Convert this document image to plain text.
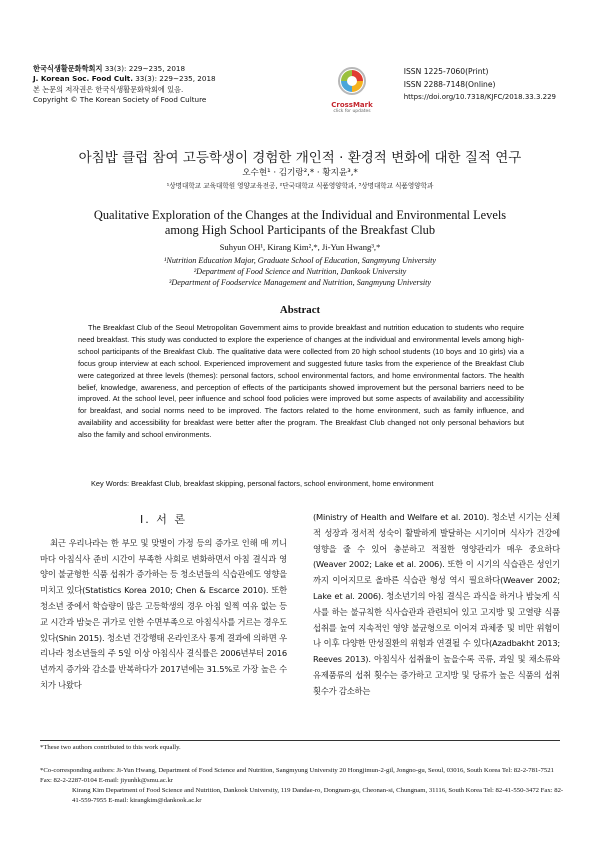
한국식생활문화학회지 33(3): 229~235, 2018
J. Korean Soc. Food Cult. 33(3): 229~235, 2018
본 논문의 저작권은 한국식생활문화학회에 있음.
Copyright © The Korean Society of Food Culture
CrossMark
click for updates
ISSN 1225-7060(Print)
ISSN 2288-7148(Online)
https://doi.org/10.7318/KJFC/2018.33.3.229
아침밥 클럽 참여 고등학생이 경험한 개인적 · 환경적 변화에 대한 질적 연구
오수현¹ · 김기랑²,* · 황지윤³,*
¹상명대학교 교육대학원 영양교육전공, ²단국대학교 식품영양학과, ³상명대학교 식품영양학과
Qualitative Exploration of the Changes at the Individual and Environmental Levels
among High School Participants of the Breakfast Club
Suhyun OH¹, Kirang Kim²,*, Ji-Yun Hwang³,*
¹Nutrition Education Major, Graduate School of Education, Sangmyung University
²Department of Food Science and Nutrition, Dankook University
³Department of Foodservice Management and Nutrition, Sangmyung University
Abstract
The Breakfast Club of the Seoul Metropolitan Government aims to provide breakfast and nutrition education to students who require need breakfast. This study was conducted to explore the experience of changes at the individual and environmental levels among high-school participants of the Breakfast Club. The qualitative data were collected from 20 high school students (10 boys and 10 girls) via a focus group interview at each school. Experienced improvement and suggested future tasks from the experience of the Breakfast Club were categorized at three levels (themes): personal factors, school environmental factors, and home environmental factors. The health belief, knowledge, awareness, and perception of effects of the participants showed improvement but the personal barriers need to be improved. At the school level, peer influence and school food policies were improved but some aspects of availability and accessibility for breakfast, and social norms need to be improved. The factors related to the home environment, such as family influence, and availability and accessibility for breakfast were better after the program. The Breakfast Club changed not only personal behaviors but also the family and school environments.
Key Words: Breakfast Club, breakfast skipping, personal factors, school environment, home environment
Ⅰ. 서 론

최근 우리나라는 한 부모 및 맞벌이 가정 등의 증가로 인해 매 끼니마다 아침식사 준비 시간이 부족한 사회로 변화하면서 아침 결식과 영양이 불균형한 식품 섭취가 증가하는 등 청소년들의 식습관에도 영향을 미치고 있다(Statistics Korea 2010; Chen & Escarce 2010). 또한 청소년 중에서 학습량이 많은 고등학생의 경우 아침 일찍 여유 없는 등교 시간과 밤늦은 귀가로 인한 수면부족으로 아침식사를 거르는 경우도 있다(Shin 2015). 청소년 건강행태 온라인조사 통계 결과에 의하면 우리나라 청소년들의 주 5일 이상 아침식사 결식률은 2006년부터 2016년까지 증가와 감소를 반복하다가 2017년에는 31.5%로 가장 높은 수치가 나왔다

(Ministry of Health and Welfare et al. 2010). 청소년 시기는 신체적 성장과 정서적 성숙이 활발하게 발달하는 시기이며 식사가 건강에 영향을 줄 수 있어 충분하고 적절한 영양관리가 매우 중요하다(Weaver 2002; Lake et al. 2006). 또한 이 시기의 식습관은 성인기까지 이어지므로 올바른 식습관 형성 역시 필요하다(Weaver 2002; Lake et al. 2006). 청소년기의 아침 결식은 과식을 하거나 밤늦게 식사를 하는 불규칙한 식사습관과 관련되어 있고 고지방 및 고열량 식품 섭취를 높여 지속적인 영양 불균형으로 이어져 과체중 및 비만 위험이나 이후 다양한 만성질환의 위험과 연결될 수 있다(Azadbakht 2013; Reeves 2013). 아침식사 섭취율이 높을수록 곡류, 과일 및 채소류와 유제품류의 섭취 횟수는 증가하고 고지방 및 당류가 높은 식품의 섭취 횟수가 감소하는

*These two authors contributed to this work equally.
*Co-corresponding authors: Ji-Yun Hwang, Department of Food Science and Nutrition, Sangmyung University 20 Hongjimun-2-gil, Jongno-gu, Seoul, 03016, South Korea Tel: 82-2-781-7521 Fax: 82-2-2287-0104 E-mail: jiyunhk@smu.ac.kr
Kirang Kim Department of Food Science and Nutrition, Dankook University, 119 Dandae-ro, Dongnam-gu, Cheonan-si, Chungnam, 31116, South Korea Tel: 82-41-550-3472 Fax: 82-41-559-7955 E-mail: kirangkim@dankook.ac.kr
